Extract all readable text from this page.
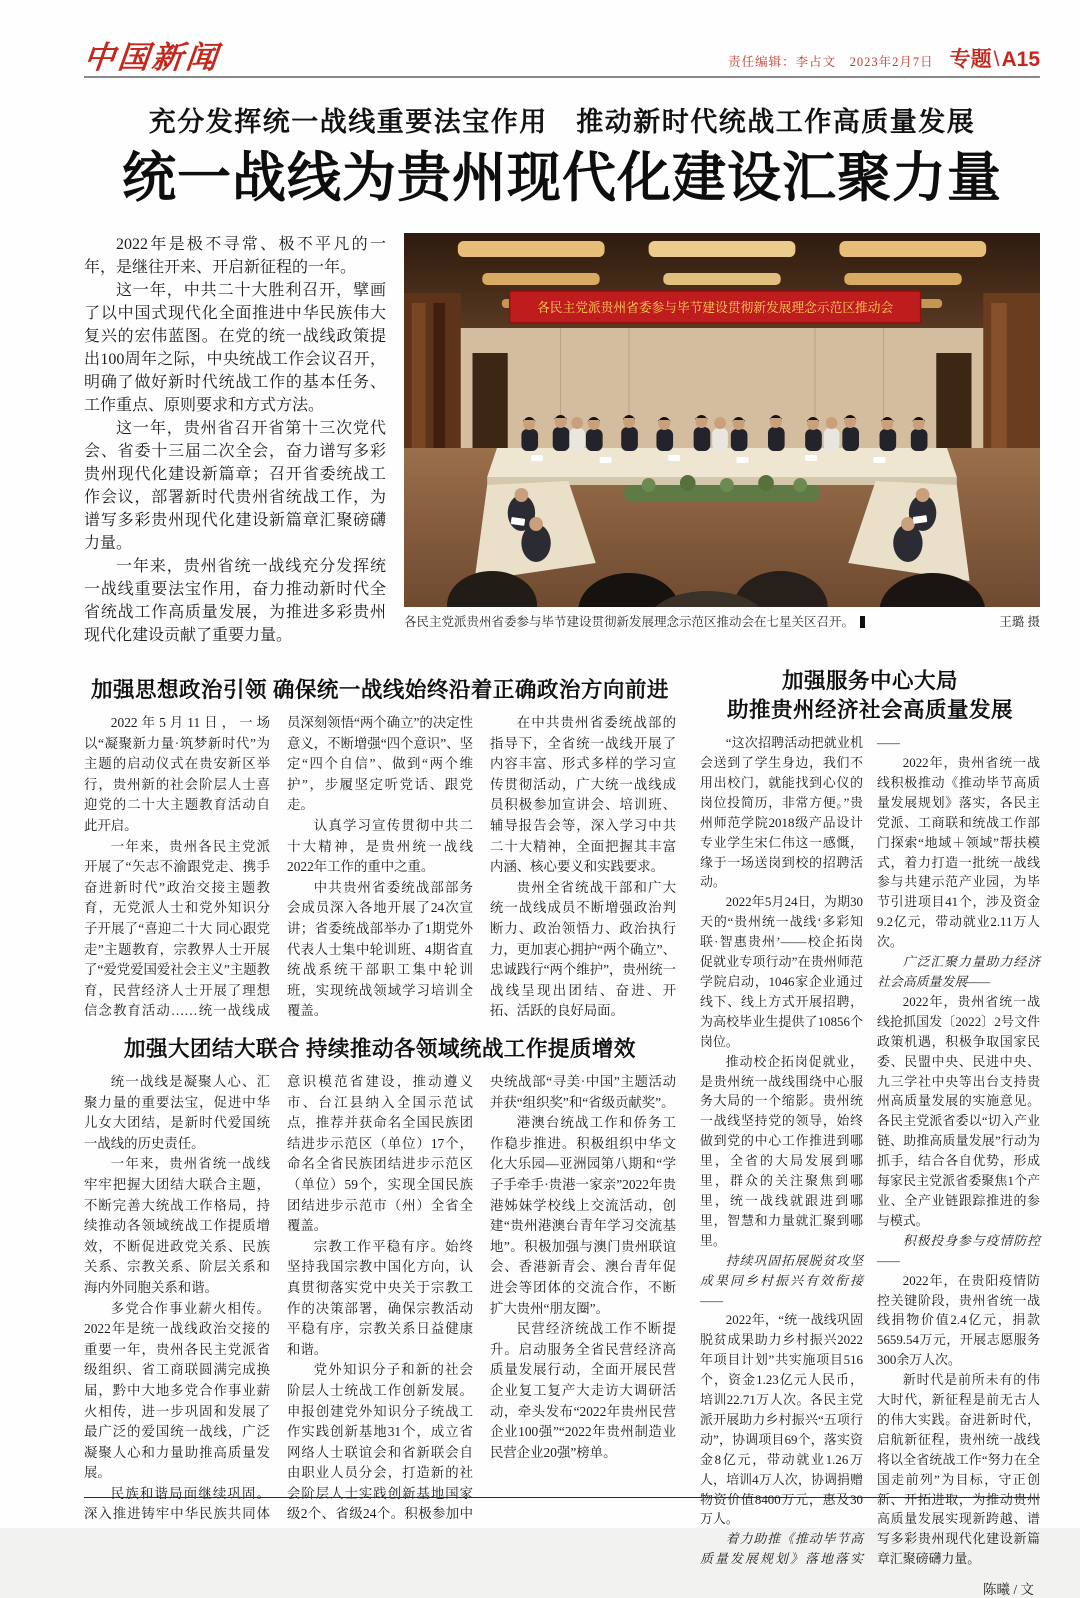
中国新闻	责任编辑：李占文　2023年2月7日 专题\A15
充分发挥统一战线重要法宝作用　推动新时代统战工作高质量发展
统一战线为贵州现代化建设汇聚力量

2022年是极不寻常、极不平凡的一年，是继往开来、开启新征程的一年。

这一年，中共二十大胜利召开，擘画了以中国式现代化全面推进中华民族伟大复兴的宏伟蓝图。在党的统一战线政策提出100周年之际，中央统战工作会议召开，明确了做好新时代统战工作的基本任务、工作重点、原则要求和方式方法。

这一年，贵州省召开省第十三次党代会、省委十三届二次全会，奋力谱写多彩贵州现代化建设新篇章；召开省委统战工作会议，部署新时代贵州省统战工作，为谱写多彩贵州现代化建设新篇章汇聚磅礴力量。

一年来，贵州省统一战线充分发挥统一战线重要法宝作用，奋力推动新时代全省统战工作高质量发展，为推进多彩贵州现代化建设贡献了重要力量。

各民主党派贵州省委参与毕节建设贯彻新发展理念示范区推动会
各民主党派贵州省委参与毕节建设贯彻新发展理念示范区推动会在七星关区召开。	王璐 摄
加强思想政治引领 确保统一战线始终沿着正确政治方向前进

2022年5月11日，一场以“凝聚新力量·筑梦新时代”为主题的启动仪式在贵安新区举行，贵州新的社会阶层人士喜迎党的二十大主题教育活动自此开启。

一年来，贵州各民主党派开展了“矢志不渝跟党走、携手奋进新时代”政治交接主题教育，无党派人士和党外知识分子开展了“喜迎二十大 同心跟党走”主题教育，宗教界人士开展了“爱党爱国爱社会主义”主题教育，民营经济人士开展了理想信念教育活动……统一战线成员深刻领悟“两个确立”的决定性意义，不断增强“四个意识”、坚定“四个自信”、做到“两个维护”，步履坚定听党话、跟党走。

认真学习宣传贯彻中共二十大精神，是贵州统一战线2022年工作的重中之重。

中共贵州省委统战部部务会成员深入各地开展了24次宣讲；省委统战部举办了1期党外代表人士集中轮训班、4期省直统战系统干部职工集中轮训班，实现统战领域学习培训全覆盖。

在中共贵州省委统战部的指导下，全省统一战线开展了内容丰富、形式多样的学习宣传贯彻活动，广大统一战线成员积极参加宣讲会、培训班、辅导报告会等，深入学习中共二十大精神，全面把握其丰富内涵、核心要义和实践要求。

贵州全省统战干部和广大统一战线成员不断增强政治判断力、政治领悟力、政治执行力，更加衷心拥护“两个确立”、忠诚践行“两个维护”，贵州统一战线呈现出团结、奋进、开拓、活跃的良好局面。

加强大团结大联合 持续推动各领域统战工作提质增效

统一战线是凝聚人心、汇聚力量的重要法宝，促进中华儿女大团结，是新时代爱国统一战线的历史责任。

一年来，贵州省统一战线牢牢把握大团结大联合主题，不断完善大统战工作格局，持续推动各领域统战工作提质增效，不断促进政党关系、民族关系、宗教关系、阶层关系和海内外同胞关系和谐。

多党合作事业薪火相传。2022年是统一战线政治交接的重要一年，贵州各民主党派省级组织、省工商联圆满完成换届，黔中大地多党合作事业薪火相传，进一步巩固和发展了最广泛的爱国统一战线，广泛凝聚人心和力量助推高质量发展。

民族和谐局面继续巩固。深入推进铸牢中华民族共同体意识模范省建设，推动遵义市、台江县纳入全国示范试点，推荐并获命名全国民族团结进步示范区（单位）17个，命名全省民族团结进步示范区（单位）59个，实现全国民族团结进步示范市（州）全省全覆盖。

宗教工作平稳有序。始终坚持我国宗教中国化方向，认真贯彻落实党中央关于宗教工作的决策部署，确保宗教活动平稳有序，宗教关系日益健康和谐。

党外知识分子和新的社会阶层人士统战工作创新发展。申报创建党外知识分子统战工作实践创新基地31个，成立省网络人士联谊会和省新联会自由职业人员分会，打造新的社会阶层人士实践创新基地国家级2个、省级24个。积极参加中央统战部“寻美·中国”主题活动并获“组织奖”和“省级贡献奖”。

港澳台统战工作和侨务工作稳步推进。积极组织中华文化大乐园—亚洲园第八期和“学子手牵手·贵港一家亲”2022年贵港姊妹学校线上交流活动，创建“贵州港澳台青年学习交流基地”。积极加强与澳门贵州联谊会、香港新青会、澳台青年促进会等团体的交流合作，不断扩大贵州“朋友圈”。

民营经济统战工作不断提升。启动服务全省民营经济高质量发展行动，全面开展民营企业复工复产大走访大调研活动，牵头发布“2022年贵州民营企业100强”“2022年贵州制造业民营企业20强”榜单。

加强服务中心大局
助推贵州经济社会高质量发展

“这次招聘活动把就业机会送到了学生身边，我们不用出校门，就能找到心仪的岗位投简历，非常方便。”贵州师范学院2018级产品设计专业学生宋仁伟这一感慨，缘于一场送岗到校的招聘活动。

2022年5月24日，为期30天的“贵州统一战线‘多彩知联·智惠贵州’——校企拓岗促就业专项行动”在贵州师范学院启动，1046家企业通过线下、线上方式开展招聘，为高校毕业生提供了10856个岗位。

推动校企拓岗促就业，是贵州统一战线围绕中心服务大局的一个缩影。贵州统一战线坚持党的领导，始终做到党的中心工作推进到哪里，全省的大局发展到哪里，群众的关注聚焦到哪里，统一战线就跟进到哪里，智慧和力量就汇聚到哪里。

持续巩固拓展脱贫攻坚成果同乡村振兴有效衔接——

2022年，“统一战线巩固脱贫成果助力乡村振兴2022年项目计划”共实施项目516个，资金1.23亿元人民币，培训22.71万人次。各民主党派开展助力乡村振兴“五项行动”，协调项目69个，落实资金8亿元，带动就业1.26万人，培训4万人次，协调捐赠物资价值8400万元，惠及30万人。

着力助推《推动毕节高质量发展规划》落地落实——

2022年，贵州省统一战线积极推动《推动毕节高质量发展规划》落实，各民主党派、工商联和统战工作部门探索“地域＋领域”帮扶模式，着力打造一批统一战线参与共建示范产业园，为毕节引进项目41个，涉及资金9.2亿元，带动就业2.11万人次。

广泛汇聚力量助力经济社会高质量发展——

2022年，贵州省统一战线抢抓国发〔2022〕2号文件政策机遇，积极争取国家民委、民盟中央、民进中央、九三学社中央等出台支持贵州高质量发展的实施意见。各民主党派省委以“切入产业链、助推高质量发展”行动为抓手，结合各自优势，形成每家民主党派省委聚焦1个产业、全产业链跟踪推进的参与模式。

积极投身参与疫情防控——

2022年，在贵阳疫情防控关键阶段，贵州省统一战线捐物价值2.4亿元，捐款5659.54万元，开展志愿服务300余万人次。

新时代是前所未有的伟大时代，新征程是前无古人的伟大实践。奋进新时代，启航新征程，贵州统一战线将以全省统战工作“努力在全国走前列”为目标，守正创新、开拓进取，为推动贵州高质量发展实现新跨越、谱写多彩贵州现代化建设新篇章汇聚磅礴力量。

陈曦 / 文
